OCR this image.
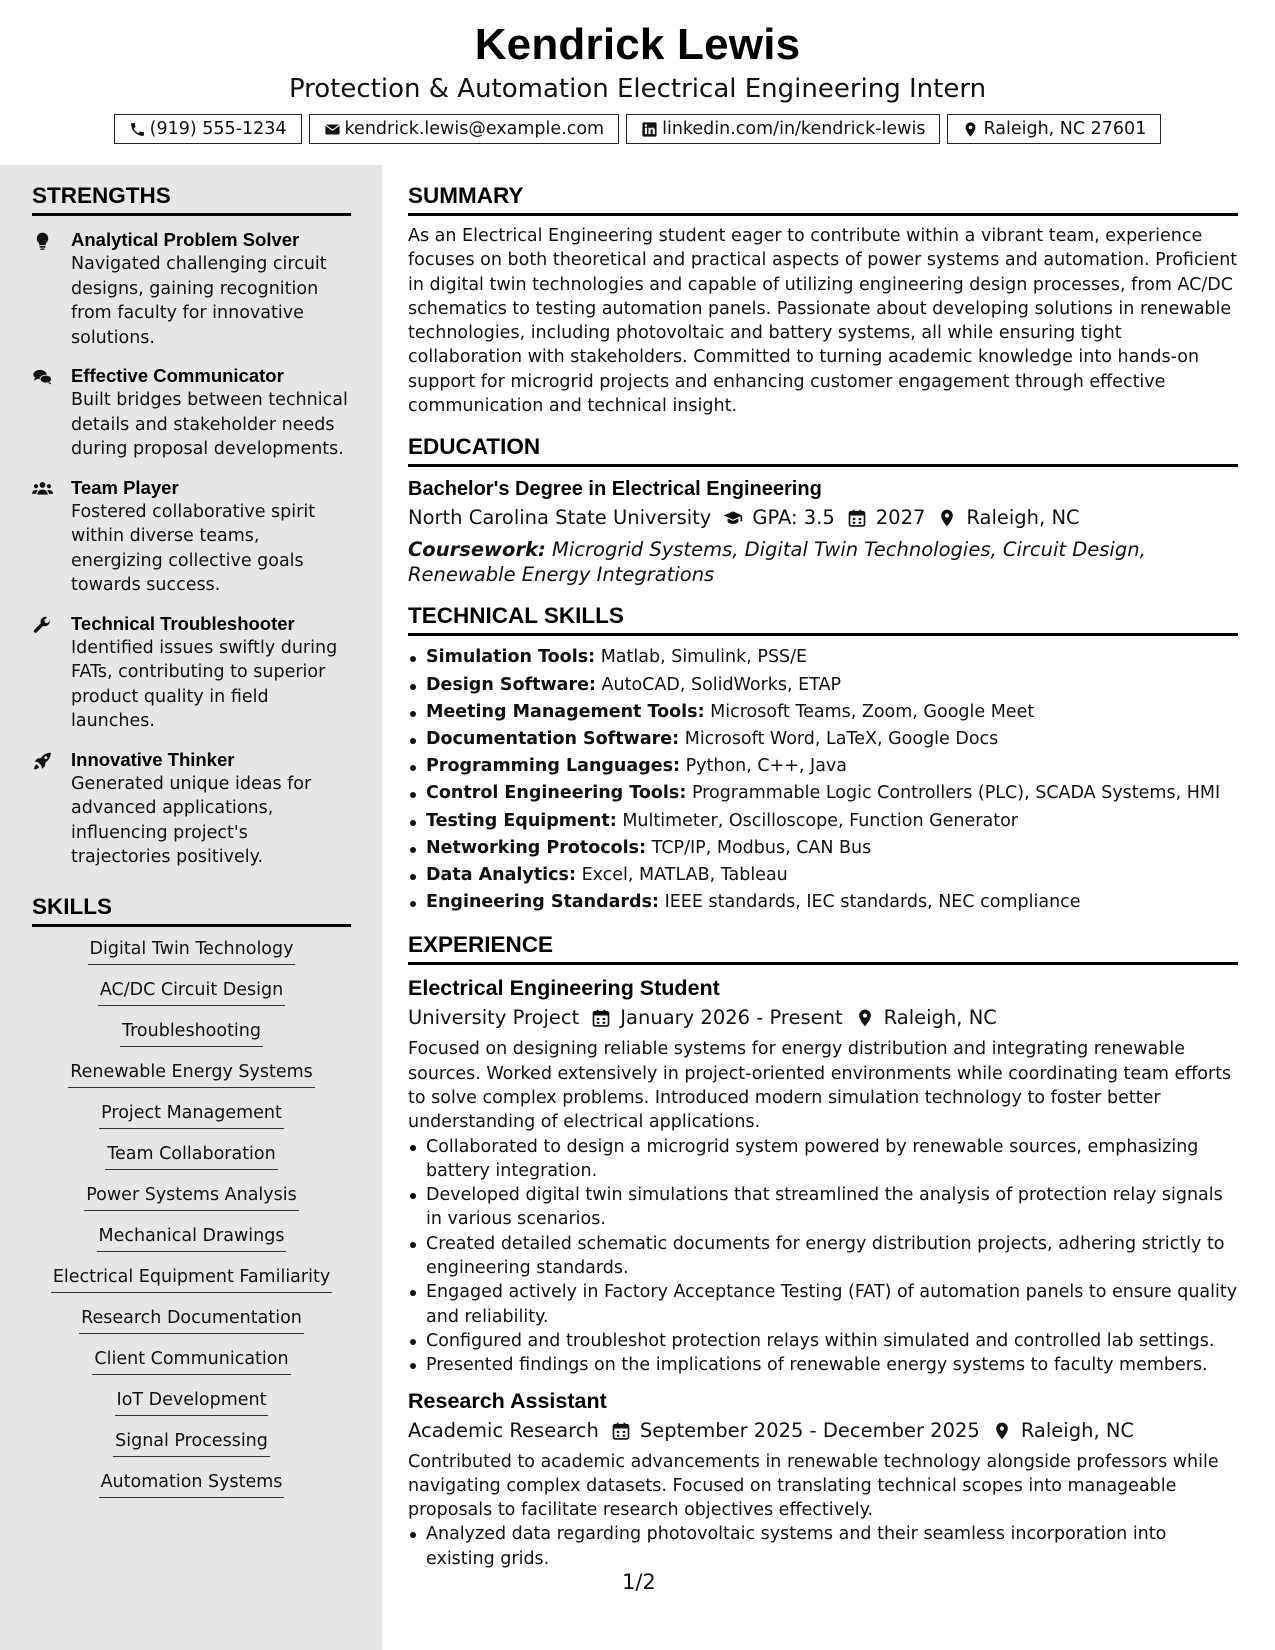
Kendrick Lewis
Protection & Automation Electrical Engineering Intern
(919) 555-1234	kendrick.lewis@example.com	linkedin.com/in/kendrick-lewis	Raleigh, NC 27601
STRENGTHS
Analytical Problem Solver
Navigated challenging circuit designs, gaining recognition from faculty for innovative solutions.
Effective Communicator
Built bridges between technical details and stakeholder needs during proposal developments.
Team Player
Fostered collaborative spirit within diverse teams, energizing collective goals towards success.
Technical Troubleshooter
Identified issues swiftly during FATs, contributing to superior product quality in field launches.
Innovative Thinker
Generated unique ideas for advanced applications, influencing project's trajectories positively.
SKILLS
Digital Twin Technology
AC/DC Circuit Design
Troubleshooting
Renewable Energy Systems
Project Management
Team Collaboration
Power Systems Analysis
Mechanical Drawings
Electrical Equipment Familiarity
Research Documentation
Client Communication
IoT Development
Signal Processing
Automation Systems
SUMMARY
As an Electrical Engineering student eager to contribute within a vibrant team, experience focuses on both theoretical and practical aspects of power systems and automation. Proficient in digital twin technologies and capable of utilizing engineering design processes, from AC/DC schematics to testing automation panels. Passionate about developing solutions in renewable technologies, including photovoltaic and battery systems, all while ensuring tight collaboration with stakeholders. Committed to turning academic knowledge into hands-on support for microgrid projects and enhancing customer engagement through effective communication and technical insight.
EDUCATION
Bachelor's Degree in Electrical Engineering
North Carolina State University GPA: 3.5 2027 Raleigh, NC
Coursework: Microgrid Systems, Digital Twin Technologies, Circuit Design, Renewable Energy Integrations
TECHNICAL SKILLS
Simulation Tools: Matlab, Simulink, PSS/E
Design Software: AutoCAD, SolidWorks, ETAP
Meeting Management Tools: Microsoft Teams, Zoom, Google Meet
Documentation Software: Microsoft Word, LaTeX, Google Docs
Programming Languages: Python, C++, Java
Control Engineering Tools: Programmable Logic Controllers (PLC), SCADA Systems, HMI
Testing Equipment: Multimeter, Oscilloscope, Function Generator
Networking Protocols: TCP/IP, Modbus, CAN Bus
Data Analytics: Excel, MATLAB, Tableau
Engineering Standards: IEEE standards, IEC standards, NEC compliance
EXPERIENCE
Electrical Engineering Student
University Project January 2026 - Present Raleigh, NC
Focused on designing reliable systems for energy distribution and integrating renewable sources. Worked extensively in project-oriented environments while coordinating team efforts to solve complex problems. Introduced modern simulation technology to foster better understanding of electrical applications.
Collaborated to design a microgrid system powered by renewable sources, emphasizing battery integration.
Developed digital twin simulations that streamlined the analysis of protection relay signals in various scenarios.
Created detailed schematic documents for energy distribution projects, adhering strictly to engineering standards.
Engaged actively in Factory Acceptance Testing (FAT) of automation panels to ensure quality and reliability.
Configured and troubleshot protection relays within simulated and controlled lab settings.
Presented findings on the implications of renewable energy systems to faculty members.
Research Assistant
Academic Research September 2025 - December 2025 Raleigh, NC
Contributed to academic advancements in renewable technology alongside professors while navigating complex datasets. Focused on translating technical scopes into manageable proposals to facilitate research objectives effectively.
Analyzed data regarding photovoltaic systems and their seamless incorporation into existing grids.
1/2
